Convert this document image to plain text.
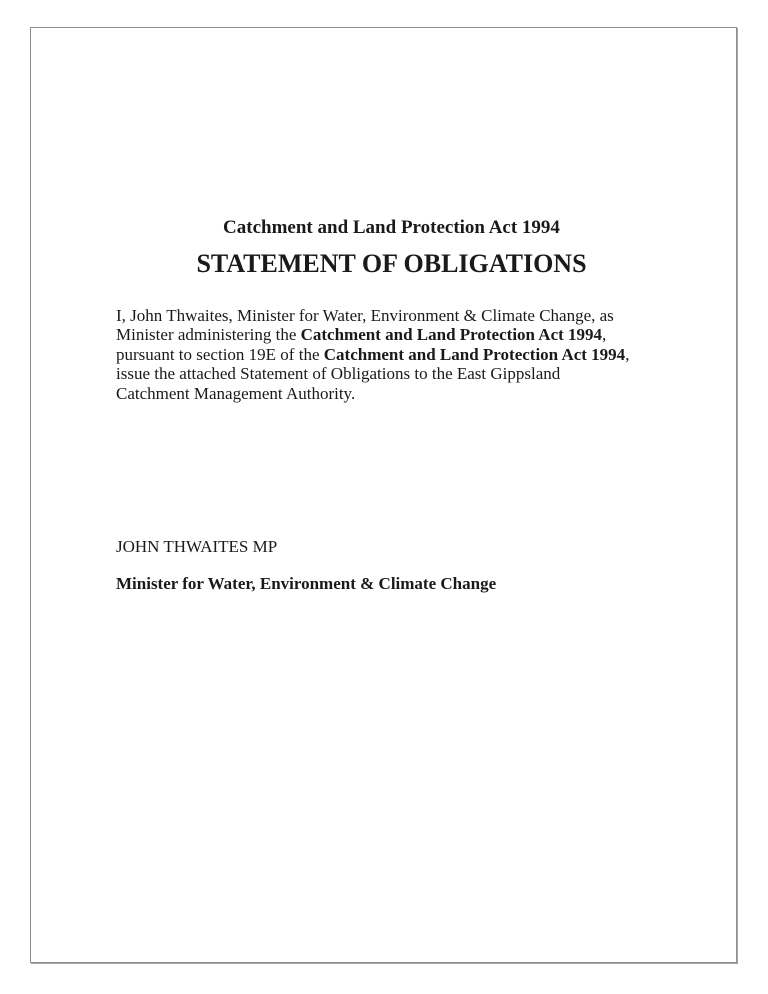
Catchment and Land Protection Act 1994
STATEMENT OF OBLIGATIONS
I, John Thwaites, Minister for Water, Environment & Climate Change, as
Minister administering the Catchment and Land Protection Act 1994,
pursuant to section 19E of the Catchment and Land Protection Act 1994,
issue the attached Statement of Obligations to the East Gippsland
Catchment Management Authority.
JOHN THWAITES MP
Minister for Water, Environment & Climate Change
